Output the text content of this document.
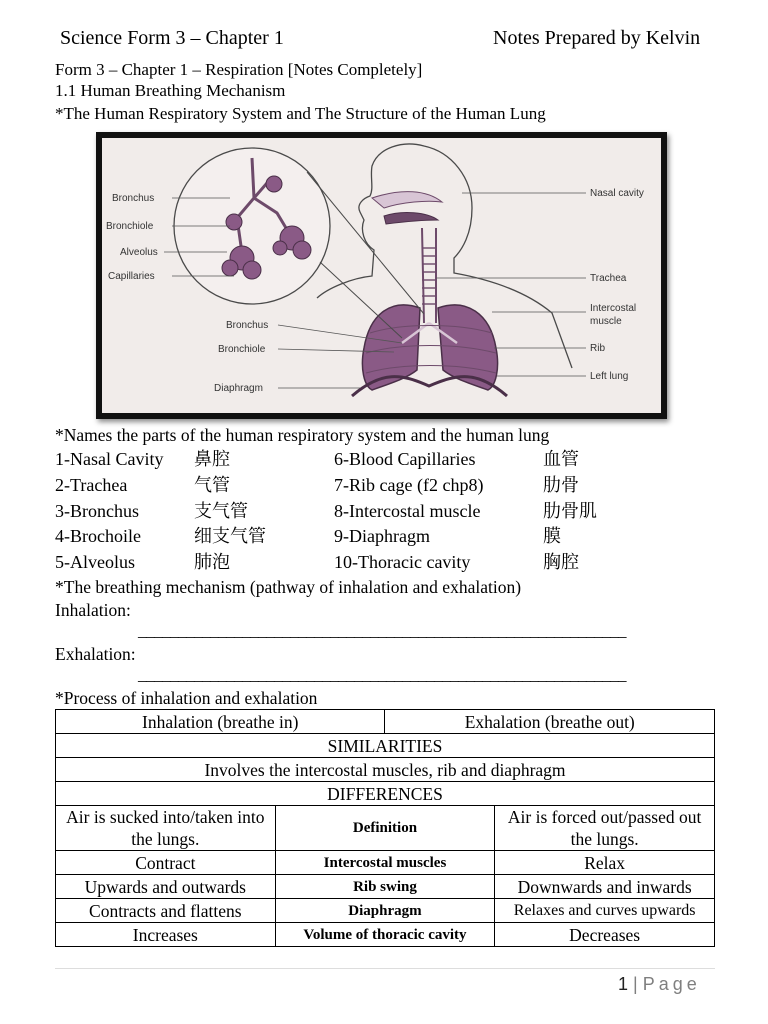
Science Form 3 – Chapter 1	Notes Prepared by Kelvin
Form 3 – Chapter 1 – Respiration [Notes Completely]
1.1 Human Breathing Mechanism
*The Human Respiratory System and The Structure of the Human Lung
Bronchus
Bronchiole
Alveolus
Capillaries
Bronchus
Bronchiole
Diaphragm
Nasal cavity
Trachea
Intercostal
muscle
Rib
Left lung
*Names the parts of the human respiratory system and the human lung
1-Nasal Cavity 鼻腔	6-Blood Capillaries	血管
2-Trachea	气管	7-Rib cage (f2 chp8)	肋骨
3-Bronchus	支气管	8-Intercostal muscle	肋骨肌
4-Brochoile	细支气管	9-Diaphragm	膜
5-Alveolus	肺泡	10-Thoracic cavity	胸腔
*The breathing mechanism (pathway of inhalation and exhalation)
Inhalation:
_____________________________________________________________
Exhalation:
_____________________________________________________________
*Process of inhalation and exhalation
Inhalation (breathe in)		Exhalation (breathe out)	
SIMILARITIES			
Involves the intercostal muscles, rib and diaphragm			
DIFFERENCES			
Air is sucked into/taken into the lungs.	Definition		Air is forced out/passed out the lungs.
Contract	Intercostal muscles		Relax
Upwards and outwards	Rib swing		Downwards and inwards
Contracts and flattens	Diaphragm		Relaxes and curves upwards
Increases	Volume of thoracic cavity		Decreases
1 | Page
